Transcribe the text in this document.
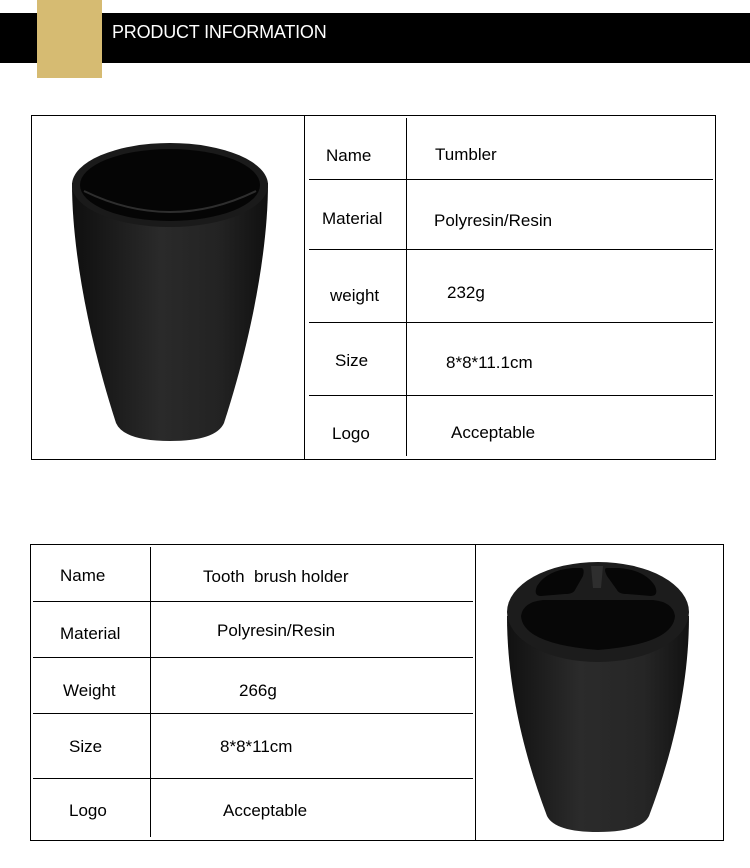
PRODUCT INFORMATION
Name	Tumbler
Material	Polyresin/Resin
weight	232g
Size	8*8*11.1cm
Logo	Acceptable
Name	Tooth  brush holder
Material	Polyresin/Resin
Weight	266g
Size	8*8*11cm
Logo	Acceptable
